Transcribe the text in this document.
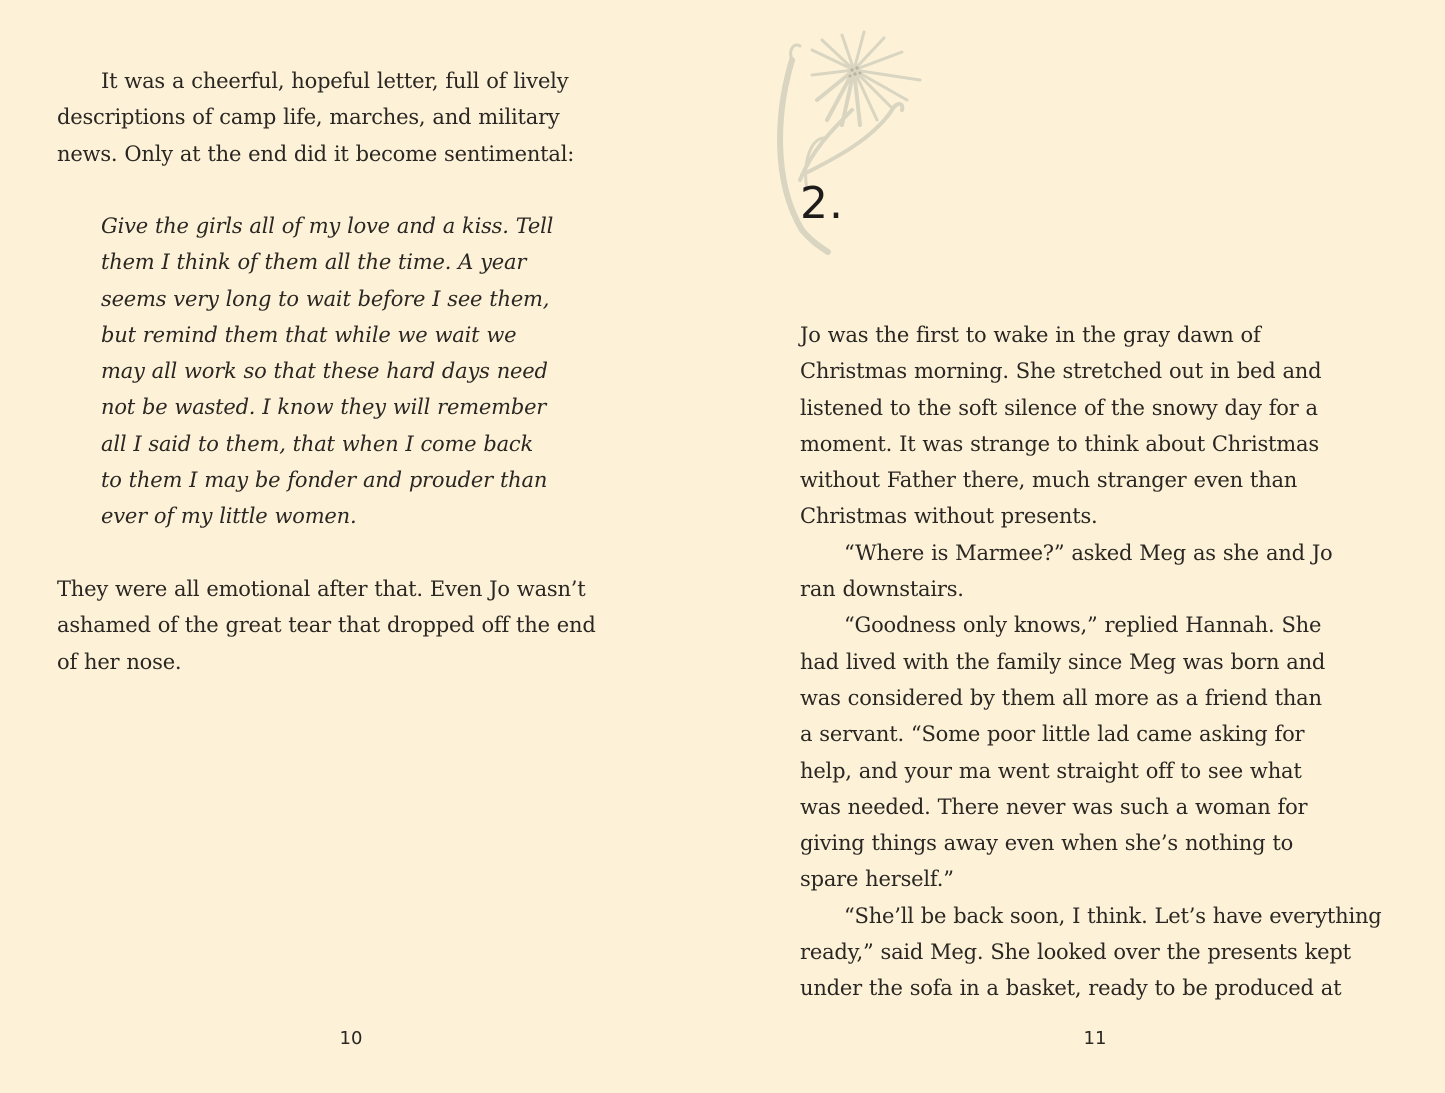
It was a cheerful, hopeful letter, full of lively
descriptions of camp life, marches, and military
news. Only at the end did it become sentimental:
Give the girls all of my love and a kiss. Tell
them I think of them all the time. A year
seems very long to wait before I see them,
but remind them that while we wait we
may all work so that these hard days need
not be wasted. I know they will remember
all I said to them, that when I come back
to them I may be fonder and prouder than
ever of my little women.
They were all emotional after that. Even Jo wasn’t
ashamed of the great tear that dropped off the end
of her nose.
10
2.
Jo was the first to wake in the gray dawn of
Christmas morning. She stretched out in bed and
listened to the soft silence of the snowy day for a
moment. It was strange to think about Christmas
without Father there, much stranger even than
Christmas without presents.
“Where is Marmee?” asked Meg as she and Jo
ran downstairs.
“Goodness only knows,” replied Hannah. She
had lived with the family since Meg was born and
was considered by them all more as a friend than
a servant. “Some poor little lad came asking for
help, and your ma went straight off to see what
was needed. There never was such a woman for
giving things away even when she’s nothing to
spare herself.”
“She’ll be back soon, I think. Let’s have everything
ready,” said Meg. She looked over the presents kept
under the sofa in a basket, ready to be produced at
11
